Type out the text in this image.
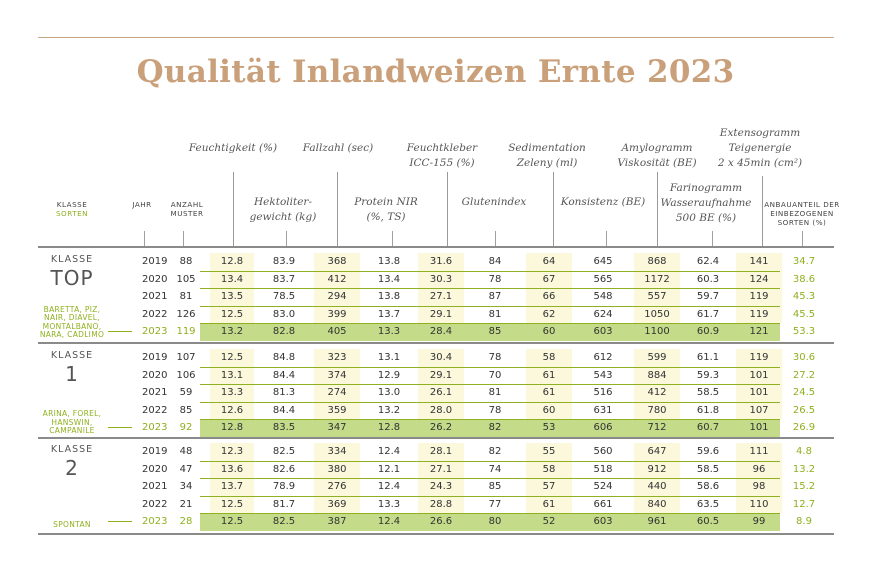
Qualität Inlandweizen Ernte 2023
KLASSE
SORTEN
JAHR	ANZAHL
MUSTER
Feuchtigkeit (%)
Hektoliter-
gewicht (kg)
Fallzahl (sec)
Protein NIR
(%, TS)
Feuchtkleber
ICC-155 (%)
Glutenindex
Sedimentation
Zeleny (ml)
Konsistenz (BE)
Amylogramm
Viskosität (BE)
Farinogramm
Wasseraufnahme
500 BE (%)
Extensogramm
Teigenergie
2 x 45min (cm²)
ANBAUANTEIL DER
EINBEZOGENEN
SORTEN (%)
KLASSE
TOP
BARETTA, PIZ,
NAIR, DIAVEL,
MONTALBANO,
NARA, CADLIMO
2019	88	12.8	83.9	368	13.8	31.6	84	64	645	868	62.4	141	34.7
2020 105	13.4	83.7	412	13.4	30.3	78	67	565	1172	60.3	124	38.6
2021	81	13.5	78.5	294	13.8	27.1	87	66	548	557	59.7	119	45.3
2022 126	12.5	83.0	399	13.7	29.1	81	62	624	1050	61.7	119	45.5
2023 119	13.2	82.8	405	13.3	28.4	85	60	603	1100	60.9	121	53.3
KLASSE
1
ARINA, FOREL,
HANSWIN,
CAMPANILE
2019 107	12.5	84.8	323	13.1	30.4	78	58	612	599	61.1	119	30.6
2020 106	13.1	84.4	374	12.9	29.1	70	61	543	884	59.3	101	27.2
2021	59	13.3	81.3	274	13.0	26.1	81	61	516	412	58.5	101	24.5
2022	85	12.6	84.4	359	13.2	28.0	78	60	631	780	61.8	107	26.5
2023	92	12.8	83.5	347	12.8	26.2	82	53	606	712	60.7	101	26.9
KLASSE
2
SPONTAN
2019	48	12.3	82.5	334	12.4	28.1	82	55	560	647	59.6	111	4.8
2020	47	13.6	82.6	380	12.1	27.1	74	58	518	912	58.5	96	13.2
2021	34	13.7	78.9	276	12.4	24.3	85	57	524	440	58.6	98	15.2
2022	21	12.5	81.7	369	13.3	28.8	77	61	661	840	63.5	110	12.7
2023	28	12.5	82.5	387	12.4	26.6	80	52	603	961	60.5	99	8.9
